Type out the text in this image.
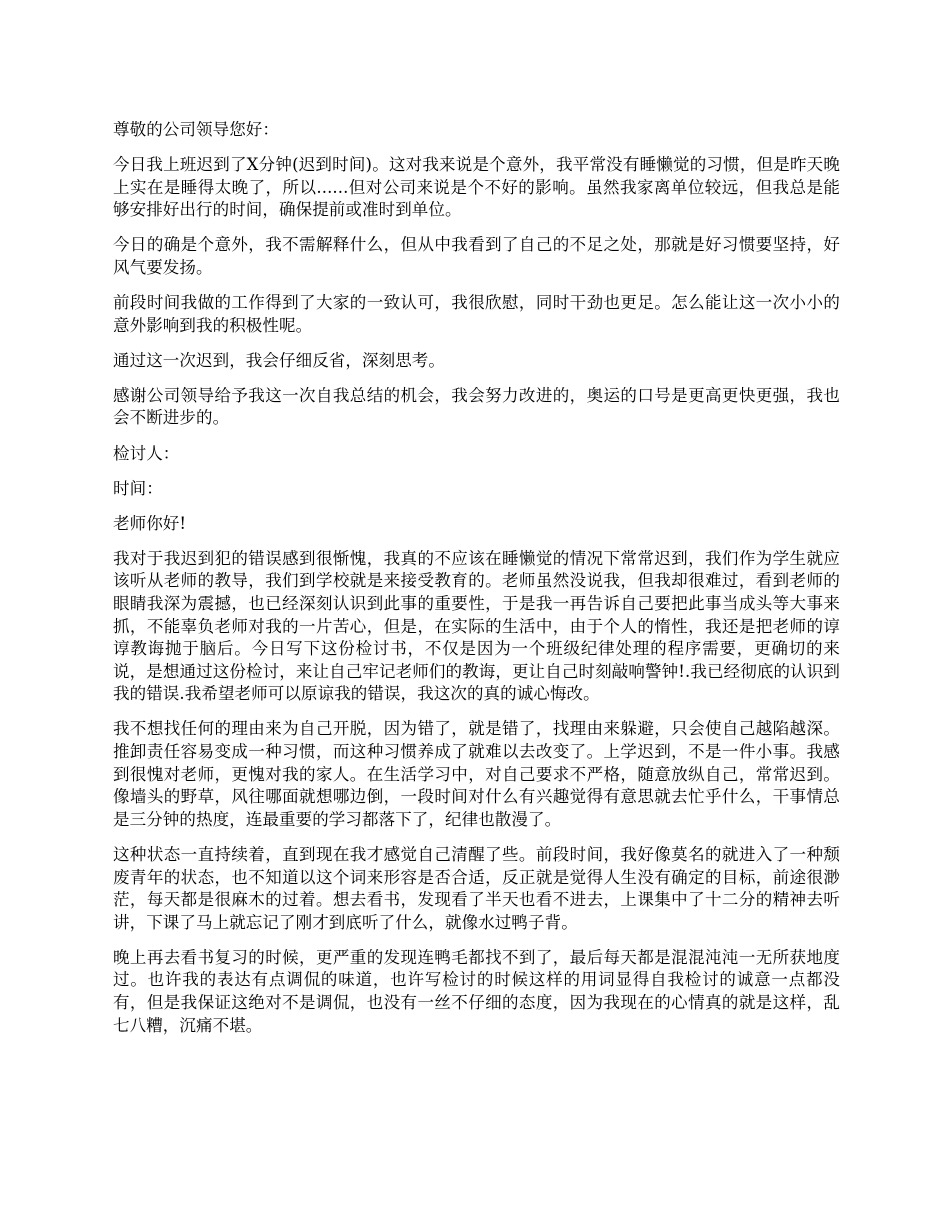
尊敬的公司领导您好：

今日我上班迟到了X分钟(迟到时间)。这对我来说是个意外，我平常没有睡懒觉的习惯，但是昨天晚上实在是睡得太晚了，所以......但对公司来说是个不好的影响。虽然我家离单位较远，但我总是能够安排好出行的时间，确保提前或准时到单位。

今日的确是个意外，我不需解释什么，但从中我看到了自己的不足之处，那就是好习惯要坚持，好风气要发扬。

前段时间我做的工作得到了大家的一致认可，我很欣慰，同时干劲也更足。怎么能让这一次小小的意外影响到我的积极性呢。

通过这一次迟到，我会仔细反省，深刻思考。

感谢公司领导给予我这一次自我总结的机会，我会努力改进的，奥运的口号是更高更快更强，我也会不断进步的。

检讨人：

时间：

老师你好!

我对于我迟到犯的错误感到很惭愧，我真的不应该在睡懒觉的情况下常常迟到，我们作为学生就应该听从老师的教导，我们到学校就是来接受教育的。老师虽然没说我，但我却很难过，看到老师的眼睛我深为震撼，也已经深刻认识到此事的重要性，于是我一再告诉自己要把此事当成头等大事来抓，不能辜负老师对我的一片苦心，但是，在实际的生活中，由于个人的惰性，我还是把老师的谆谆教诲抛于脑后。今日写下这份检讨书，不仅是因为一个班级纪律处理的程序需要，更确切的来说，是想通过这份检讨，来让自己牢记老师们的教诲，更让自己时刻敲响警钟!.我已经彻底的认识到我的错误.我希望老师可以原谅我的错误，我这次的真的诚心悔改。

我不想找任何的理由来为自己开脱，因为错了，就是错了，找理由来躲避，只会使自己越陷越深。推卸责任容易变成一种习惯，而这种习惯养成了就难以去改变了。上学迟到，不是一件小事。我感到很愧对老师，更愧对我的家人。在生活学习中，对自己要求不严格，随意放纵自己，常常迟到。像墙头的野草，风往哪面就想哪边倒，一段时间对什么有兴趣觉得有意思就去忙乎什么，干事情总是三分钟的热度，连最重要的学习都落下了，纪律也散漫了。

这种状态一直持续着，直到现在我才感觉自己清醒了些。前段时间，我好像莫名的就进入了一种颓废青年的状态，也不知道以这个词来形容是否合适，反正就是觉得人生没有确定的目标，前途很渺茫，每天都是很麻木的过着。想去看书，发现看了半天也看不进去，上课集中了十二分的精神去听讲，下课了马上就忘记了刚才到底听了什么，就像水过鸭子背。

晚上再去看书复习的时候，更严重的发现连鸭毛都找不到了，最后每天都是混混沌沌一无所获地度过。也许我的表达有点调侃的味道，也许写检讨的时候这样的用词显得自我检讨的诚意一点都没有，但是我保证这绝对不是调侃，也没有一丝不仔细的态度，因为我现在的心情真的就是这样，乱七八糟，沉痛不堪。
